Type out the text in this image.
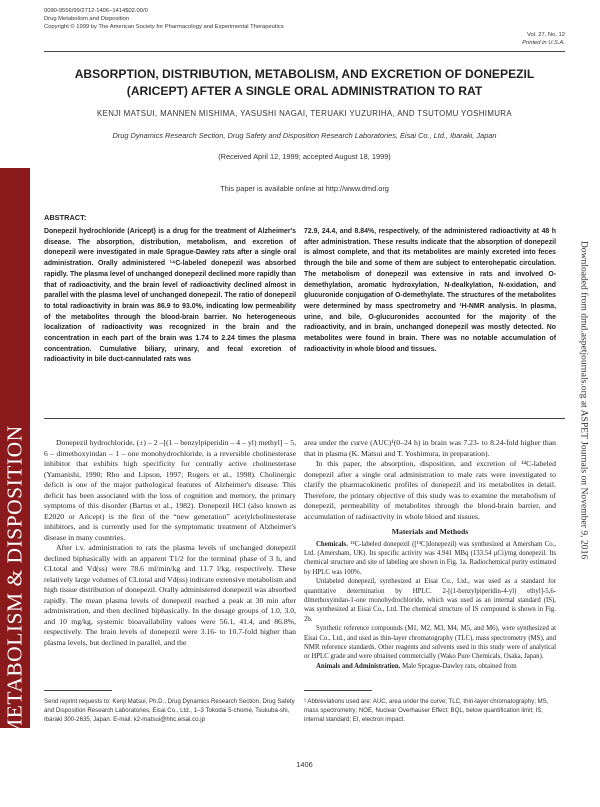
DRUG METABOLISM & DISPOSITION
Downloaded from dmd.aspetjournals.org at ASPET Journals on November 9, 2016
0090-9556/99/2712-1406–1414$02.00/0
Drug Metabolism and Disposition
Copyright © 1999 by The American Society for Pharmacology and Experimental Therapeutics
Vol. 27, No. 12
Printed in U.S.A.
ABSORPTION, DISTRIBUTION, METABOLISM, AND EXCRETION OF DONEPEZIL
(ARICEPT) AFTER A SINGLE ORAL ADMINISTRATION TO RAT
KENJI MATSUI, MANNEN MISHIMA, YASUSHI NAGAI, TERUAKI YUZURIHA, AND TSUTOMU YOSHIMURA
Drug Dynamics Research Section, Drug Safety and Disposition Research Laboratories, Eisai Co., Ltd., Ibaraki, Japan
(Received April 12, 1999; accepted August 18, 1999)
This paper is available online at http://www.dmd.org
ABSTRACT:
Donepezil hydrochloride (Aricept) is a drug for the treatment of Alzheimer's disease. The absorption, distribution, metabolism, and excretion of donepezil were investigated in male Sprague-Dawley rats after a single oral administration. Orally administered ¹⁴C-labeled donepezil was absorbed rapidly. The plasma level of unchanged donepezil declined more rapidly than that of radioactivity, and the brain level of radioactivity declined almost in parallel with the plasma level of unchanged donepezil. The ratio of donepezil to total radioactivity in brain was 86.9 to 93.0%, indicating low permeability of the metabolites through the blood-brain barrier. No heterogeneous localization of radioactivity was recognized in the brain and the concentration in each part of the brain was 1.74 to 2.24 times the plasma concentration. Cumulative biliary, urinary, and fecal excretion of radioactivity in bile duct-cannulated rats was
72.9, 24.4, and 8.84%, respectively, of the administered radioactivity at 48 h after administration. These results indicate that the absorption of donepezil is almost complete, and that its metabolites are mainly excreted into feces through the bile and some of them are subject to enterohepatic circulation. The metabolism of donepezil was extensive in rats and involved O-demethylation, aromatic hydroxylation, N-dealkylation, N-oxidation, and glucuronide conjugation of O-demethylate. The structures of the metabolites were determined by mass spectrometry and ¹H-NMR analysis. In plasma, urine, and bile, O-glucuronides accounted for the majority of the radioactivity, and in brain, unchanged donepezil was mostly detected. No metabolites were found in brain. There was no notable accumulation of radioactivity in whole blood and tissues.

Donepezil hydrochloride, (±) – 2 –[(1 – benzylpiperidin – 4 – yl) methyl] – 5, 6 – dimethoxyindan – 1 – one monohydrochloride, is a reversible cholinesterase inhibitor that exhibits high specificity for centrally active cholinesterase (Yamanishi, 1990; Rho and Lipson, 1997; Rogers et al., 1998). Cholinergic deficit is one of the major pathological features of Alzheimer's disease. This deficit has been associated with the loss of cognition and memory, the primary symptoms of this disorder (Bartus et al., 1982). Donepezil HCl (also known as E2020 or Aricept) is the first of the “new generation” acetylcholinesterase inhibitors, and is currently used for the symptomatic treatment of Alzheimer's disease in many countries.

After i.v. administration to rats the plasma levels of unchanged donepezil declined biphasically with an apparent T1/2 for the terminal phase of 3 h, and CLtotal and Vd(ss) were 78.6 ml/min/kg and 11.7 l/kg, respectively. These relatively large volumes of CLtotal and Vd(ss) indicate extensive metabolism and high tissue distribution of donepezil. Orally administered donepezil was absorbed rapidly. The mean plasma levels of donepezil reached a peak at 30 min after administration, and then declined biphasically. In the dosage groups of 1.0, 3.0, and 10 mg/kg, systemic bioavailability values were 56.1, 41.4, and 86.8%, respectively. The brain levels of donepezil were 3.16- to 10.7-fold higher than plasma levels, but declined in parallel, and the

area under the curve (AUC)¹(0–24 h) in brain was 7.23- to 8.24-fold higher than that in plasma (K. Matsui and T. Yoshimura, in preparation).

In this paper, the absorption, disposition, and excretion of ¹⁴C-labeled donepezil after a single oral administration to male rats were investigated to clarify the pharmacokinetic profiles of donepezil and its metabolites in detail. Therefore, the primary objective of this study was to examine the metabolism of donepezil, permeability of metabolites through the blood-brain barrier, and accumulation of radioactivity in whole blood and tissues.

Materials and Methods

Chemicals. ¹⁴C-labeled donepezil ([¹⁴C]donepezil) was synthesized at Amersham Co., Ltd. (Amersham, UK). Its specific activity was 4.941 MBq (133.54 μCi)/mg donepezil. Its chemical structure and site of labeling are shown in Fig. 1a. Radiochemical purity estimated by HPLC was 100%.

Unlabeled donepezil, synthesized at Eisai Co., Ltd., was used as a standard for quantitative determination by HPLC. 2-[(1-benzylpiperidin-4-yl) ethyl]-5,6-dimethoxyindan-1-one monohydrochloride, which was used as an internal standard (IS), was synthesized at Eisai Co., Ltd. The chemical structure of IS compound is shown in Fig. 2b.

Synthetic reference compounds (M1, M2, M3, M4, M5, and M6), were synthesized at Eisai Co., Ltd., and used as thin-layer chromatography (TLC), mass spectrometry (MS), and NMR reference standards. Other reagents and solvents used in this study were of analytical or HPLC grade and were obtained commercially (Wako Pure Chemicals, Osaka, Japan).

Animals and Administration. Male Sprague-Dawley rats, obtained from

Send reprint requests to: Kenji Matsui, Ph.D., Drug Dynamics Research Section, Drug Safety and Disposition Research Laboratories, Eisai Co., Ltd., 1–3 Tokodai 5-chome, Tsukuba-shi, Ibaraki 300-2635, Japan. E-mail: k2-matsui@hhc.eisai.co.jp
¹ Abbreviations used are: AUC, area under the curve; TLC, thin-layer chromatography; MS, mass spectrometry; NOE, Nuclear Overhauser Effect; BQL, below quantification limit; IS, internal standard; EI, electron impact.
1406
